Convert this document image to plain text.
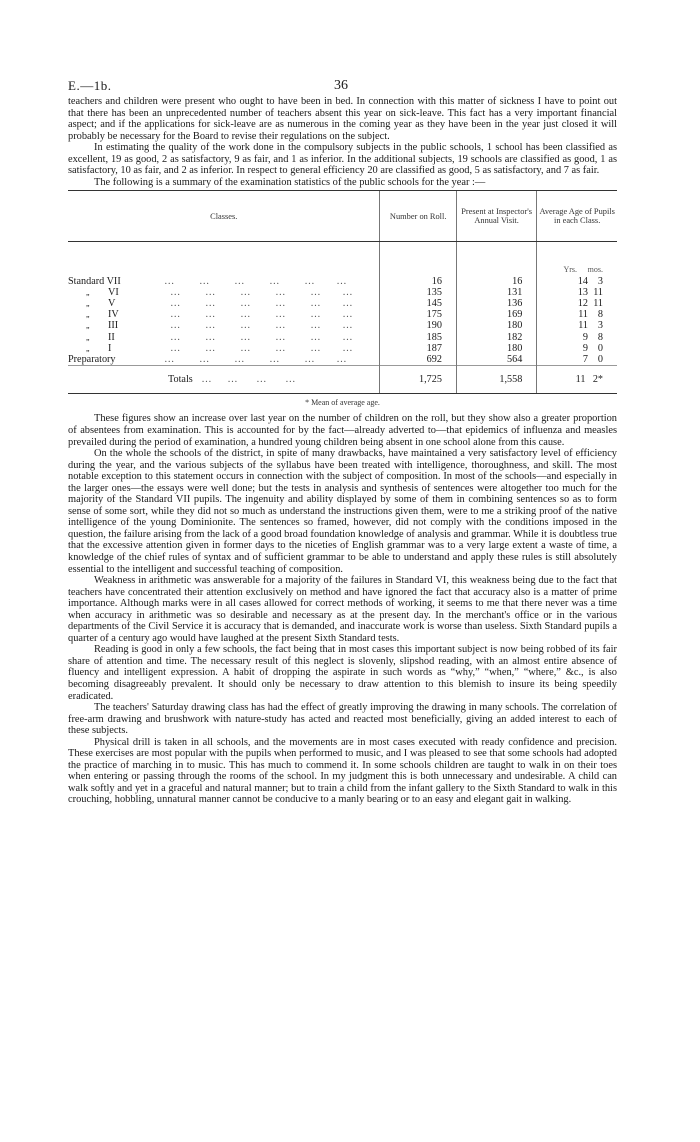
E.—1b.	36

teachers and children were present who ought to have been in bed. In connection with this matter of sickness I have to point out that there has been an unprecedented number of teachers absent this year on sick-leave. This fact has a very important financial aspect; and if the applications for sick-leave are as numerous in the coming year as they have been in the year just closed it will probably be necessary for the Board to revise their regulations on the subject.

In estimating the quality of the work done in the compulsory subjects in the public schools, 1 school has been classified as excellent, 19 as good, 2 as satisfactory, 9 as fair, and 1 as inferior. In the additional subjects, 19 schools are classified as good, 1 as satisfactory, 10 as fair, and 2 as inferior. In respect to general efficiency 20 are classified as good, 5 as satisfactory, and 7 as fair.

The following is a summary of the examination statistics of the public schools for the year :—

Classes.	Number on Roll.	Present at Inspector's Annual Visit.	Average Age of Pupils in each Class.
			Yrs. mos.
Standard VII …        …        …        …        …       …	16	16	14 3
„ VI …        …        …        …        …       …	135	131	13 11
„ V …        …        …        …        …       …	145	136	12 11
„ IV …        …        …        …        …       …	175	169	11 8
„ III …        …        …        …        …       …	190	180	11 3
„ II …        …        …        …        …       …	185	182	9 8
„ I …        …        …        …        …       …	187	180	9 0
Preparatory …        …        …        …        …       …	692	564	7 0
Totals   …     …      …      …	1,725	1,558	11 2*
* Mean of average age.

These figures show an increase over last year on the number of children on the roll, but they show also a greater proportion of absentees from examination. This is accounted for by the fact—already adverted to—that epidemics of influenza and measles prevailed during the period of examination, a hundred young children being absent in one school alone from this cause.

On the whole the schools of the district, in spite of many drawbacks, have maintained a very satisfactory level of efficiency during the year, and the various subjects of the syllabus have been treated with intelligence, thoroughness, and skill. The most notable exception to this statement occurs in connection with the subject of composition. In most of the schools—and especially in the larger ones—the essays were well done; but the tests in analysis and synthesis of sentences were altogether too much for the majority of the Standard VII pupils. The ingenuity and ability displayed by some of them in combining sentences so as to form sense of some sort, while they did not so much as understand the instructions given them, were to me a striking proof of the native intelligence of the young Dominionite. The sentences so framed, however, did not comply with the conditions imposed in the question, the failure arising from the lack of a good broad foundation knowledge of analysis and grammar. While it is doubtless true that the excessive attention given in former days to the niceties of English grammar was to a very large extent a waste of time, a knowledge of the chief rules of syntax and of sufficient grammar to be able to understand and apply these rules is still absolutely essential to the intelligent and successful teaching of composition.

Weakness in arithmetic was answerable for a majority of the failures in Standard VI, this weakness being due to the fact that teachers have concentrated their attention exclusively on method and have ignored the fact that accuracy also is a matter of prime importance. Although marks were in all cases allowed for correct methods of working, it seems to me that there never was a time when accuracy in arithmetic was so desirable and necessary as at the present day. In the merchant's office or in the various departments of the Civil Service it is accuracy that is demanded, and inaccurate work is worse than useless. Sixth Standard pupils a quarter of a century ago would have laughed at the present Sixth Standard tests.

Reading is good in only a few schools, the fact being that in most cases this important subject is now being robbed of its fair share of attention and time. The necessary result of this neglect is slovenly, slipshod reading, with an almost entire absence of fluency and intelligent expression. A habit of dropping the aspirate in such words as “why,” “when,” “where,” &c., is also becoming disagreeably prevalent. It should only be necessary to draw attention to this blemish to insure its being speedily eradicated.

The teachers' Saturday drawing class has had the effect of greatly improving the drawing in many schools. The correlation of free-arm drawing and brushwork with nature-study has acted and reacted most beneficially, giving an added interest to each of these subjects.

Physical drill is taken in all schools, and the movements are in most cases executed with ready confidence and precision. These exercises are most popular with the pupils when performed to music, and I was pleased to see that some schools had adopted the practice of marching in to music. This has much to commend it. In some schools children are taught to walk in on their toes when entering or passing through the rooms of the school. In my judgment this is both unnecessary and undesirable. A child can walk softly and yet in a graceful and natural manner; but to train a child from the infant gallery to the Sixth Standard to walk in this crouching, hobbling, unnatural manner cannot be conducive to a manly bearing or to an easy and elegant gait in walking.
